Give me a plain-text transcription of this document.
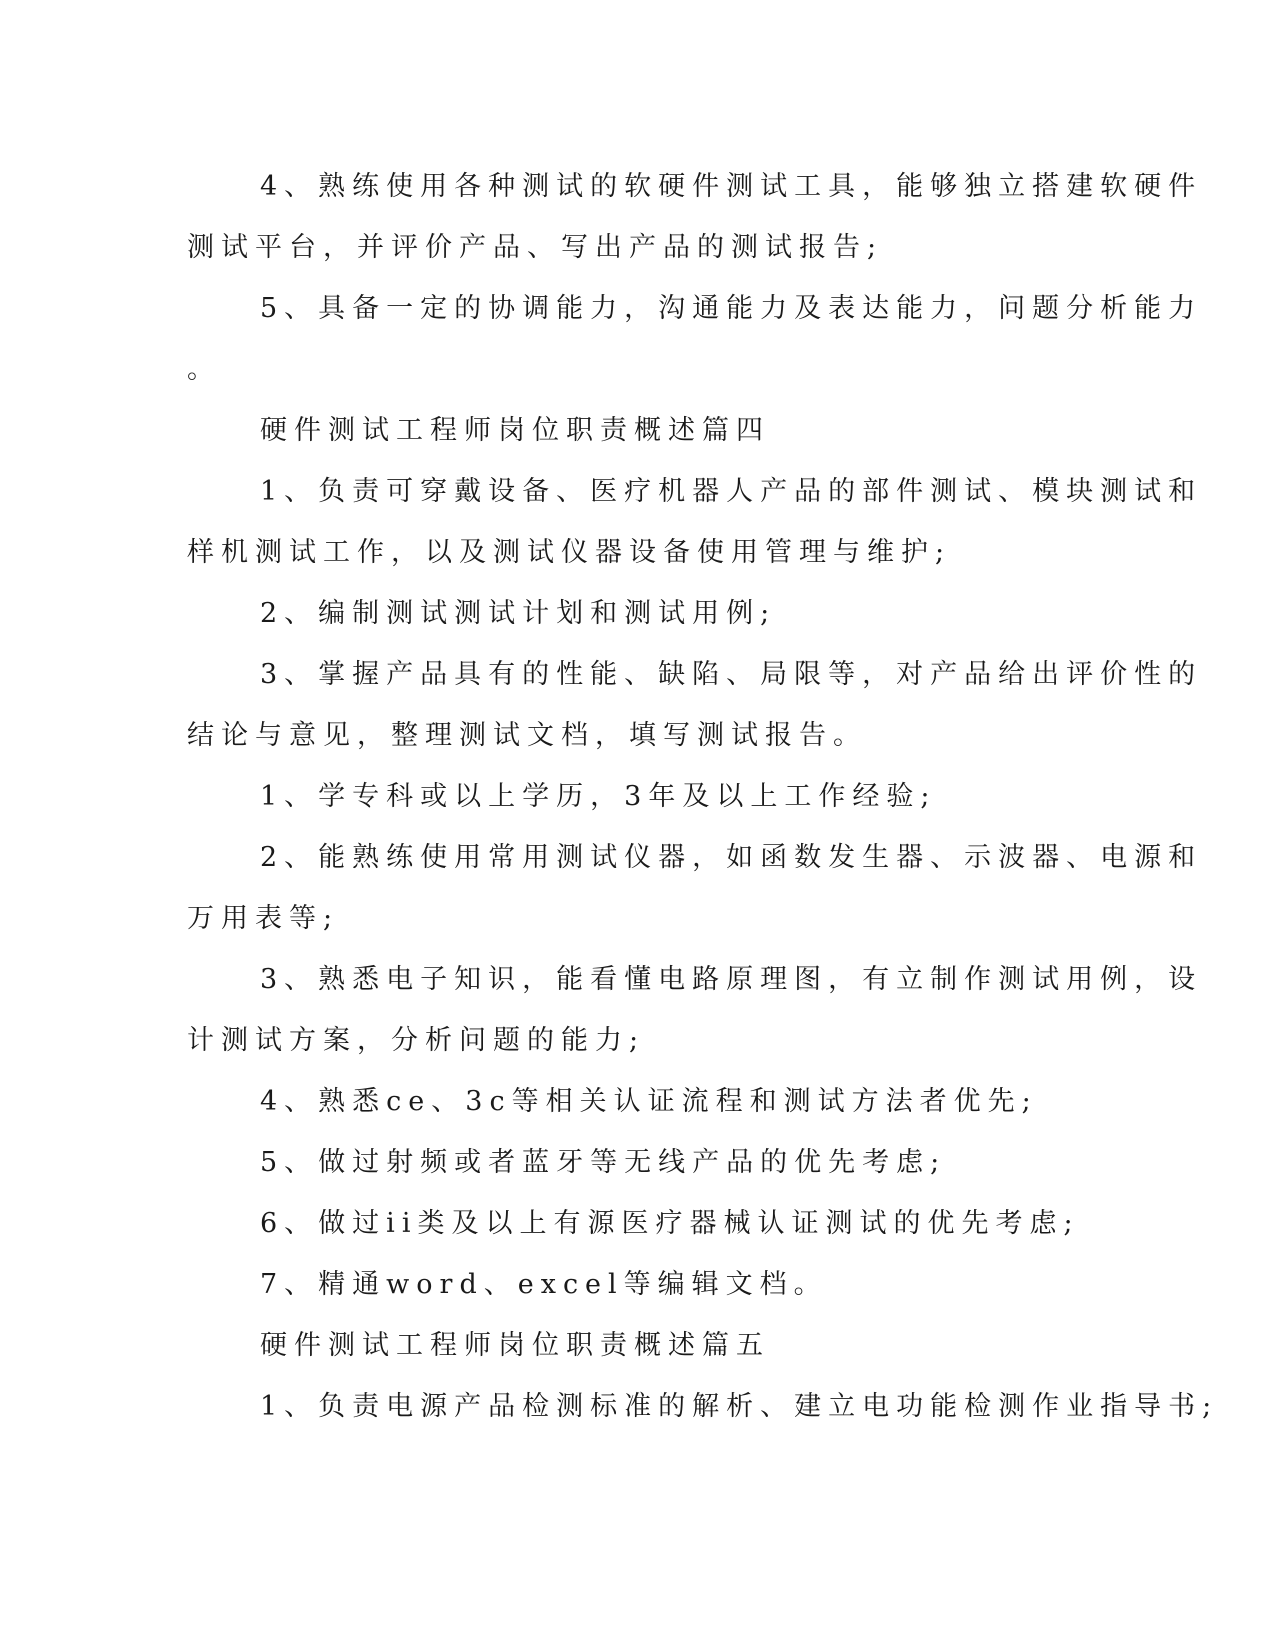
4、熟练使用各种测试的软硬件测试工具，能够独立搭建软硬件

测试平台，并评价产品、写出产品的测试报告;

5、具备一定的协调能力，沟通能力及表达能力，问题分析能力

。

硬件测试工程师岗位职责概述篇四

1、负责可穿戴设备、医疗机器人产品的部件测试、模块测试和

样机测试工作，以及测试仪器设备使用管理与维护;

2、编制测试测试计划和测试用例;

3、掌握产品具有的性能、缺陷、局限等，对产品给出评价性的

结论与意见，整理测试文档，填写测试报告。

1、学专科或以上学历，3年及以上工作经验;

2、能熟练使用常用测试仪器，如函数发生器、示波器、电源和

万用表等;

3、熟悉电子知识，能看懂电路原理图，有立制作测试用例，设

计测试方案，分析问题的能力;

4、熟悉ce、3c等相关认证流程和测试方法者优先;

5、做过射频或者蓝牙等无线产品的优先考虑;

6、做过ii类及以上有源医疗器械认证测试的优先考虑;

7、精通word、excel等编辑文档。

硬件测试工程师岗位职责概述篇五

1、负责电源产品检测标准的解析、建立电功能检测作业指导书;
